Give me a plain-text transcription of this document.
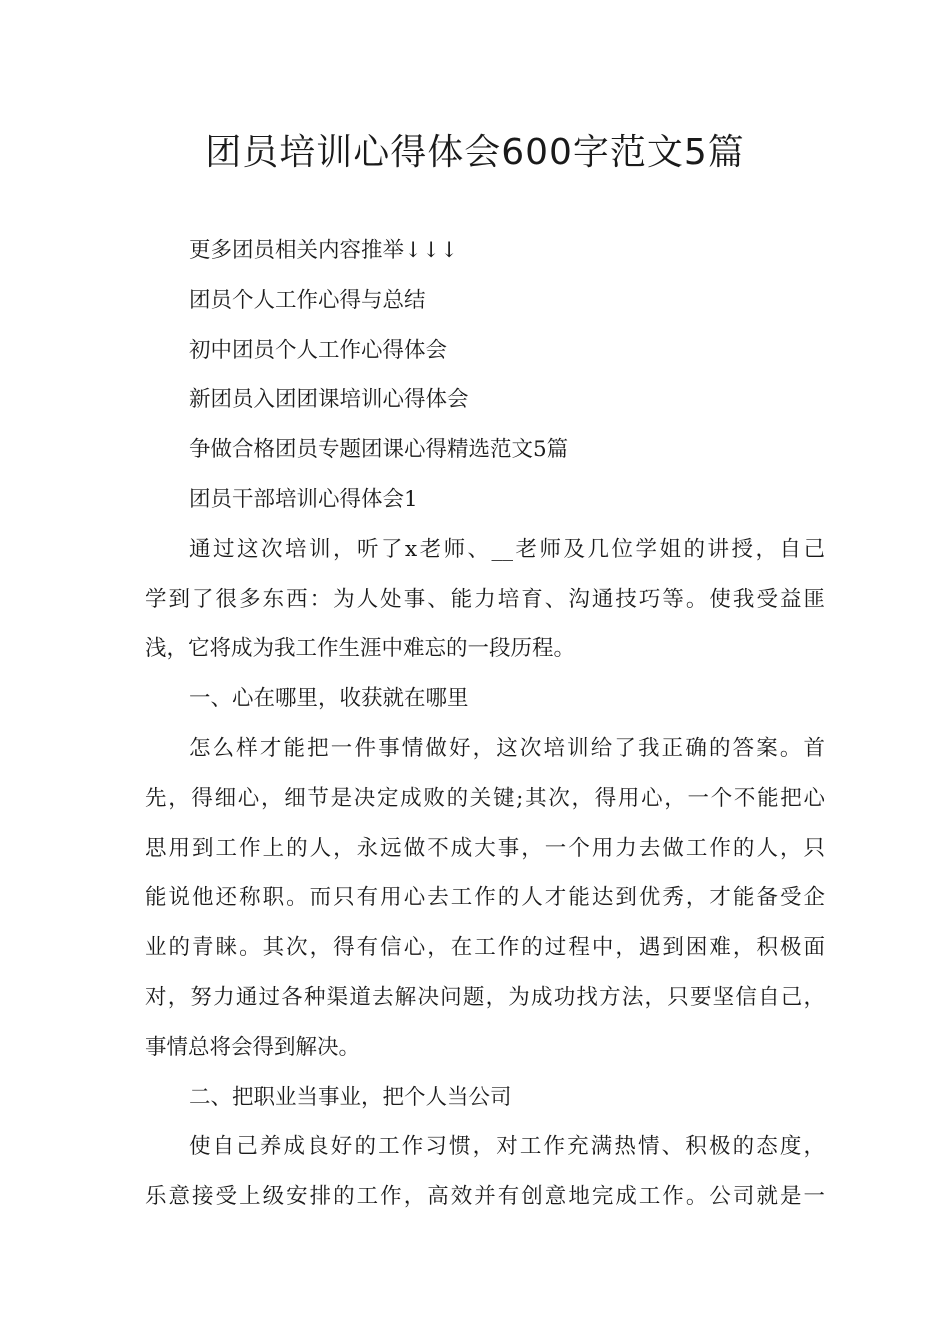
团员培训心得体会600字范文5篇

更多团员相关内容推举↓↓↓

团员个人工作心得与总结

初中团员个人工作心得体会

新团员入团团课培训心得体会

争做合格团员专题团课心得精选范文5篇

团员干部培训心得体会1

通过这次培训，听了x老师、__老师及几位学姐的讲授，自己

学到了很多东西：为人处事、能力培育、沟通技巧等。使我受益匪

浅，它将成为我工作生涯中难忘的一段历程。

一、心在哪里，收获就在哪里

怎么样才能把一件事情做好，这次培训给了我正确的答案。首

先，得细心，细节是决定成败的关键;其次，得用心，一个不能把心

思用到工作上的人，永远做不成大事，一个用力去做工作的人，只

能说他还称职。而只有用心去工作的人才能达到优秀，才能备受企

业的青睐。其次，得有信心，在工作的过程中，遇到困难，积极面

对，努力通过各种渠道去解决问题，为成功找方法，只要坚信自己，

事情总将会得到解决。

二、把职业当事业，把个人当公司

使自己养成良好的工作习惯，对工作充满热情、积极的态度，

乐意接受上级安排的工作，高效并有创意地完成工作。公司就是一
